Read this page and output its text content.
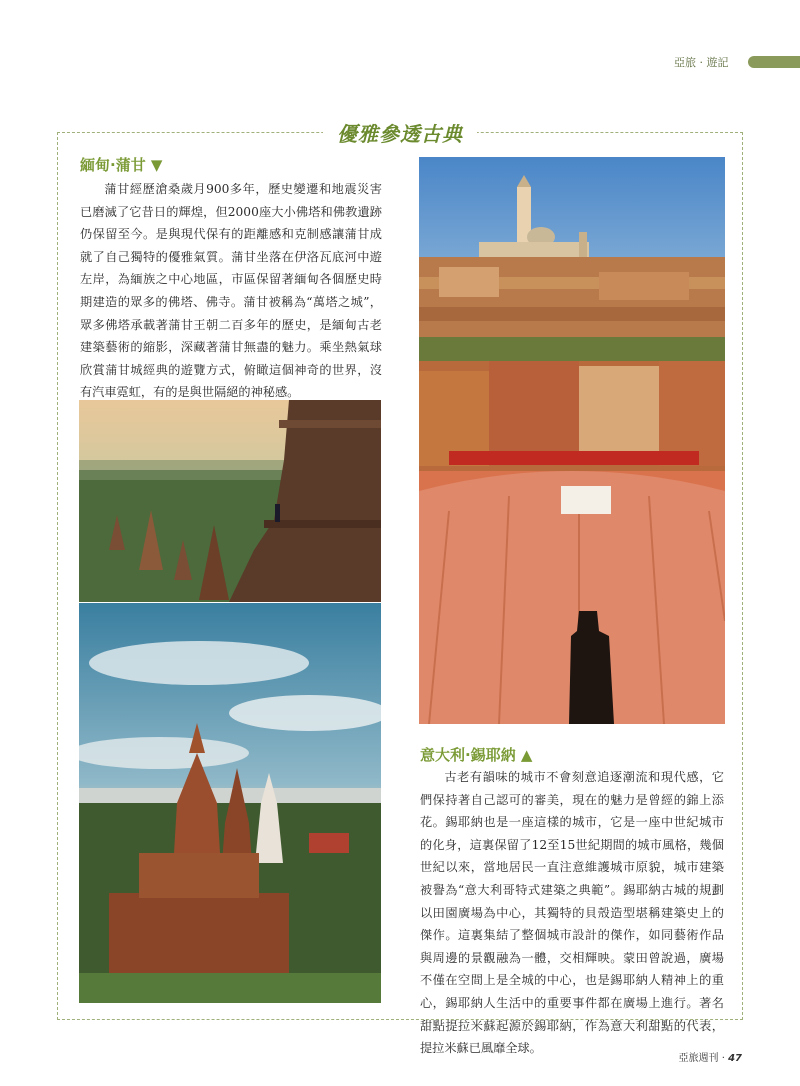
亞旅 · 遊記
優雅參透古典
緬甸·蒲甘 ▼
蒲甘經歷滄桑歲月900多年，歷史變遷和地震災害已磨滅了它昔日的輝煌，但2000座大小佛塔和佛教遺跡仍保留至今。是與現代保有的距離感和克制感讓蒲甘成就了自己獨特的優雅氣質。蒲甘坐落在伊洛瓦底河中遊左岸，為緬族之中心地區，市區保留著緬甸各個歷史時期建造的眾多的佛塔、佛寺。蒲甘被稱為“萬塔之城”，眾多佛塔承載著蒲甘王朝二百多年的歷史，是緬甸古老建築藝術的縮影，深藏著蒲甘無盡的魅力。乘坐熱氣球欣賞蒲甘城經典的遊覽方式，俯瞰這個神奇的世界，沒有汽車霓虹，有的是與世隔絕的神秘感。
意大利·錫耶納 ▲
古老有韻味的城市不會刻意追逐潮流和現代感，它們保持著自己認可的審美，現在的魅力是曾經的錦上添花。錫耶納也是一座這樣的城市，它是一座中世紀城市的化身，這裏保留了12至15世紀期間的城市風格，幾個世紀以來，當地居民一直注意維護城市原貌，城市建築被譽為“意大利哥特式建築之典範”。錫耶納古城的規劃以田園廣場為中心，其獨特的貝殼造型堪稱建築史上的傑作。這裏集結了整個城市設計的傑作，如同藝術作品與周邊的景觀融為一體，交相輝映。蒙田曾說過，廣場不僅在空間上是全城的中心，也是錫耶納人精神上的重心，錫耶納人生活中的重要事件都在廣場上進行。著名甜點提拉米蘇起源於錫耶納，作為意大利甜點的代表，提拉米蘇已風靡全球。
亞旅週刊 · 47
